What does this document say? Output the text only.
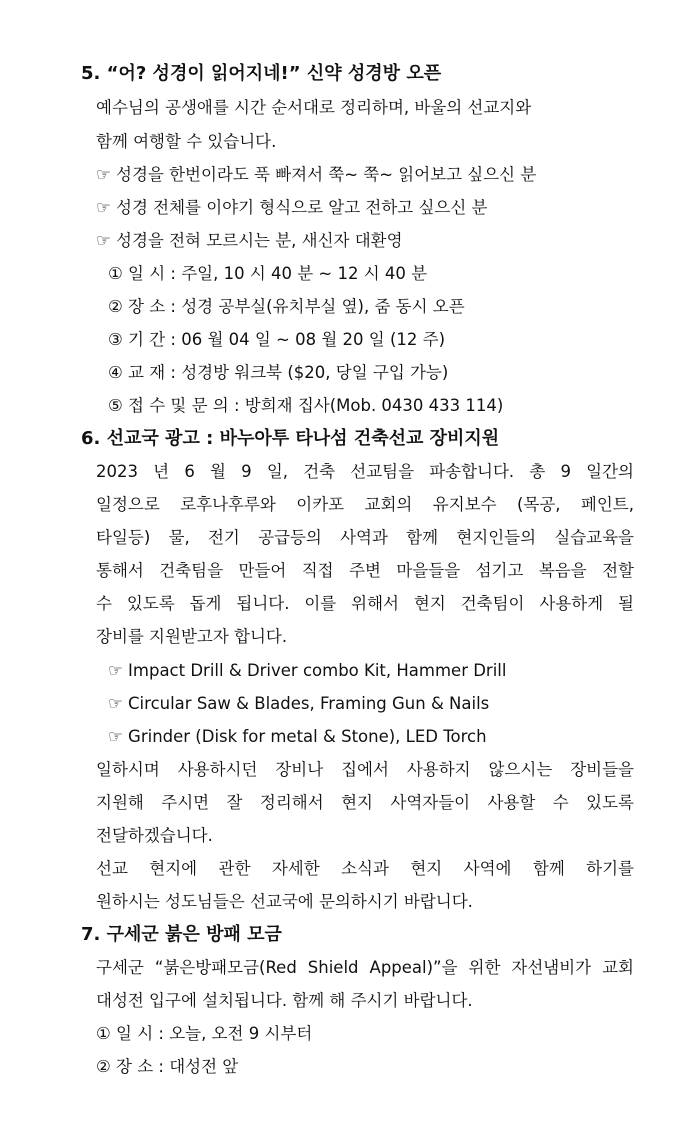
5. “어? 성경이 읽어지네!” 신약 성경방 오픈
예수님의 공생애를 시간 순서대로 정리하며, 바울의 선교지와
함께 여행할 수 있습니다.
☞ 성경을 한번이라도 푹 빠져서 쭉~ 쭉~ 읽어보고 싶으신 분
☞ 성경 전체를 이야기 형식으로 알고 전하고 싶으신 분
☞ 성경을 전혀 모르시는 분, 새신자 대환영
① 일 시 : 주일, 10 시 40 분 ~ 12 시 40 분
② 장 소 : 성경 공부실(유치부실 옆), 줌 동시 오픈
③ 기 간 : 06 월 04 일 ~ 08 월 20 일 (12 주)
④ 교 재 : 성경방 워크북 ($20, 당일 구입 가능)
⑤ 접 수 및 문 의 : 방희재 집사(Mob. 0430 433 114)
6. 선교국 광고 : 바누아투 타나섬 건축선교 장비지원
2023 년 6 월 9 일, 건축 선교팀을 파송합니다. 총 9 일간의
일정으로 로후나후루와 이카포 교회의 유지보수 (목공, 페인트,
타일등) 물, 전기 공급등의 사역과 함께 현지인들의 실습교육을
통해서 건축팀을 만들어 직접 주변 마을들을 섬기고 복음을 전할
수 있도록 돕게 됩니다. 이를 위해서 현지 건축팀이 사용하게 될
장비를 지원받고자 합니다.
☞ Impact Drill & Driver combo Kit, Hammer Drill
☞ Circular Saw & Blades, Framing Gun & Nails
☞ Grinder (Disk for metal & Stone), LED Torch
일하시며 사용하시던 장비나 집에서 사용하지 않으시는 장비들을
지원해 주시면 잘 정리해서 현지 사역자들이 사용할 수 있도록
전달하겠습니다.
선교 현지에 관한 자세한 소식과 현지 사역에 함께 하기를
원하시는 성도님들은 선교국에 문의하시기 바랍니다.
7. 구세군 붉은 방패 모금
구세군 “붉은방패모금(Red Shield Appeal)”을 위한 자선냄비가 교회
대성전 입구에 설치됩니다. 함께 해 주시기 바랍니다.
① 일 시 : 오늘, 오전 9 시부터
② 장 소 : 대성전 앞
